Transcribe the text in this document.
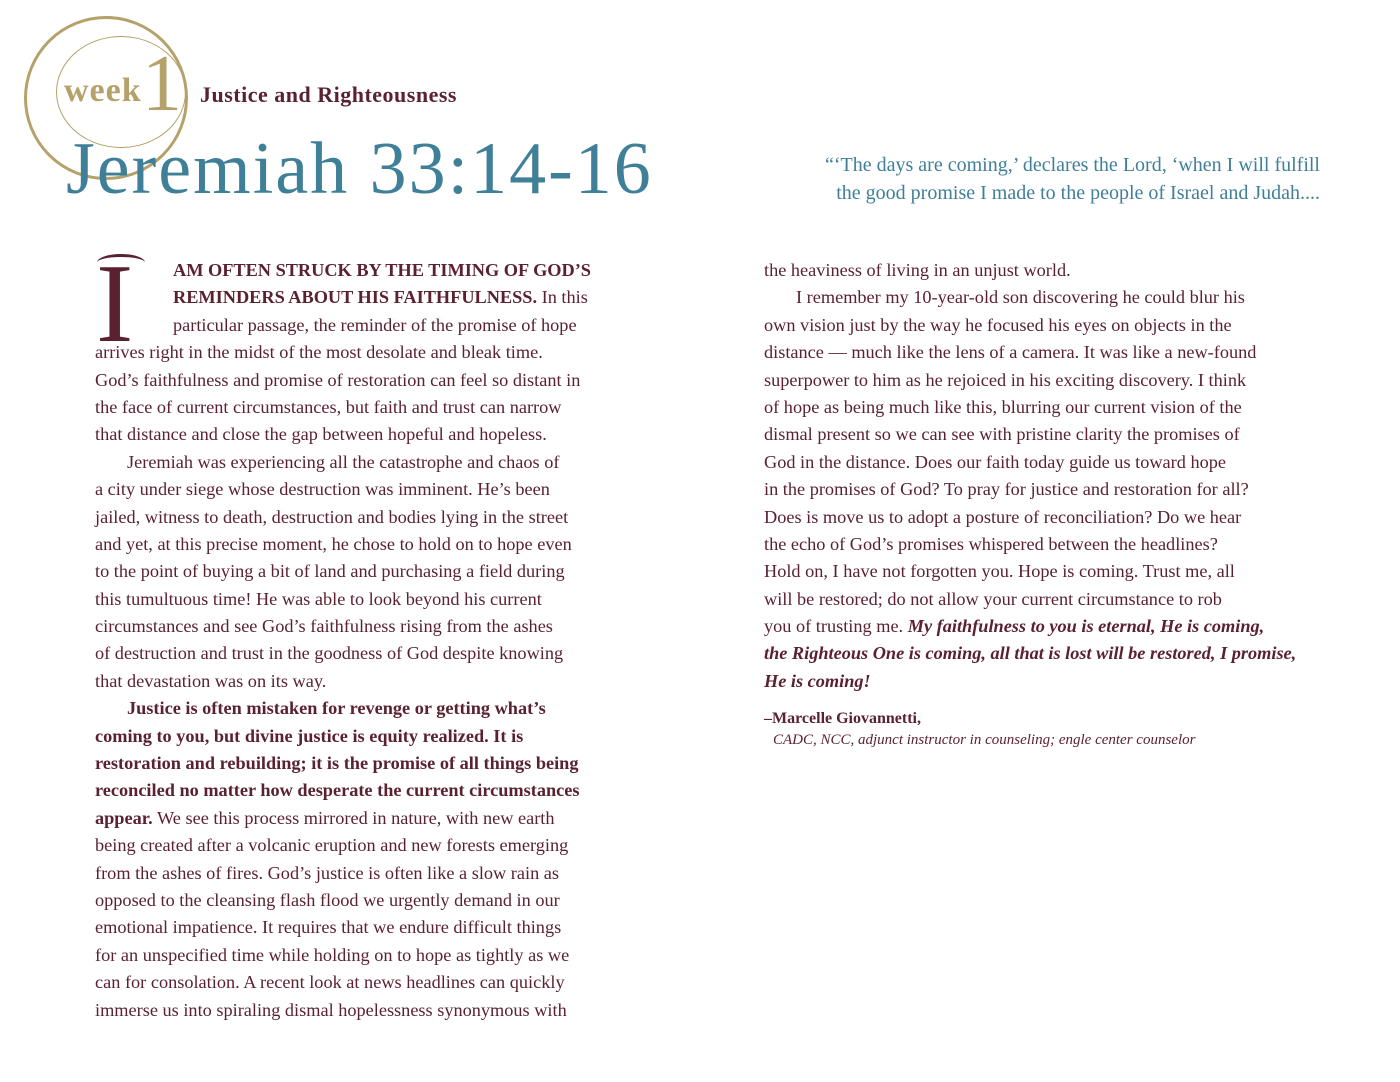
week 1 Justice and Righteousness
Jeremiah 33:14-16	“‘The days are coming,’ declares the Lord, ‘when I will fulfill
the good promise I made to the people of Israel and Judah....
I	AM OFTEN STRUCK BY THE TIMING OF GOD’S
REMINDERS ABOUT HIS FAITHFULNESS. In this
particular passage, the reminder of the promise of hope
arrives right in the midst of the most desolate and bleak time.
God’s faithfulness and promise of restoration can feel so distant in
the face of current circumstances, but faith and trust can narrow
that distance and close the gap between hopeful and hopeless.
Jeremiah was experiencing all the catastrophe and chaos of
a city under siege whose destruction was imminent. He’s been
jailed, witness to death, destruction and bodies lying in the street
and yet, at this precise moment, he chose to hold on to hope even
to the point of buying a bit of land and purchasing a field during
this tumultuous time! He was able to look beyond his current
circumstances and see God’s faithfulness rising from the ashes
of destruction and trust in the goodness of God despite knowing
that devastation was on its way.
Justice is often mistaken for revenge or getting what’s
coming to you, but divine justice is equity realized. It is
restoration and rebuilding; it is the promise of all things being
reconciled no matter how desperate the current circumstances
appear. We see this process mirrored in nature, with new earth
being created after a volcanic eruption and new forests emerging
from the ashes of fires. God’s justice is often like a slow rain as
opposed to the cleansing flash flood we urgently demand in our
emotional impatience. It requires that we endure difficult things
for an unspecified time while holding on to hope as tightly as we
can for consolation. A recent look at news headlines can quickly
immerse us into spiraling dismal hopelessness synonymous with
the heaviness of living in an unjust world.
I remember my 10-year-old son discovering he could blur his
own vision just by the way he focused his eyes on objects in the
distance — much like the lens of a camera. It was like a new-found
superpower to him as he rejoiced in his exciting discovery. I think
of hope as being much like this, blurring our current vision of the
dismal present so we can see with pristine clarity the promises of
God in the distance. Does our faith today guide us toward hope
in the promises of God? To pray for justice and restoration for all?
Does is move us to adopt a posture of reconciliation? Do we hear
the echo of God’s promises whispered between the headlines?
Hold on, I have not forgotten you. Hope is coming. Trust me, all
will be restored; do not allow your current circumstance to rob
you of trusting me. My faithfulness to you is eternal, He is coming,
the Righteous One is coming, all that is lost will be restored, I promise,
He is coming!
–Marcelle Giovannetti,
CADC, NCC, adjunct instructor in counseling; engle center counselor
